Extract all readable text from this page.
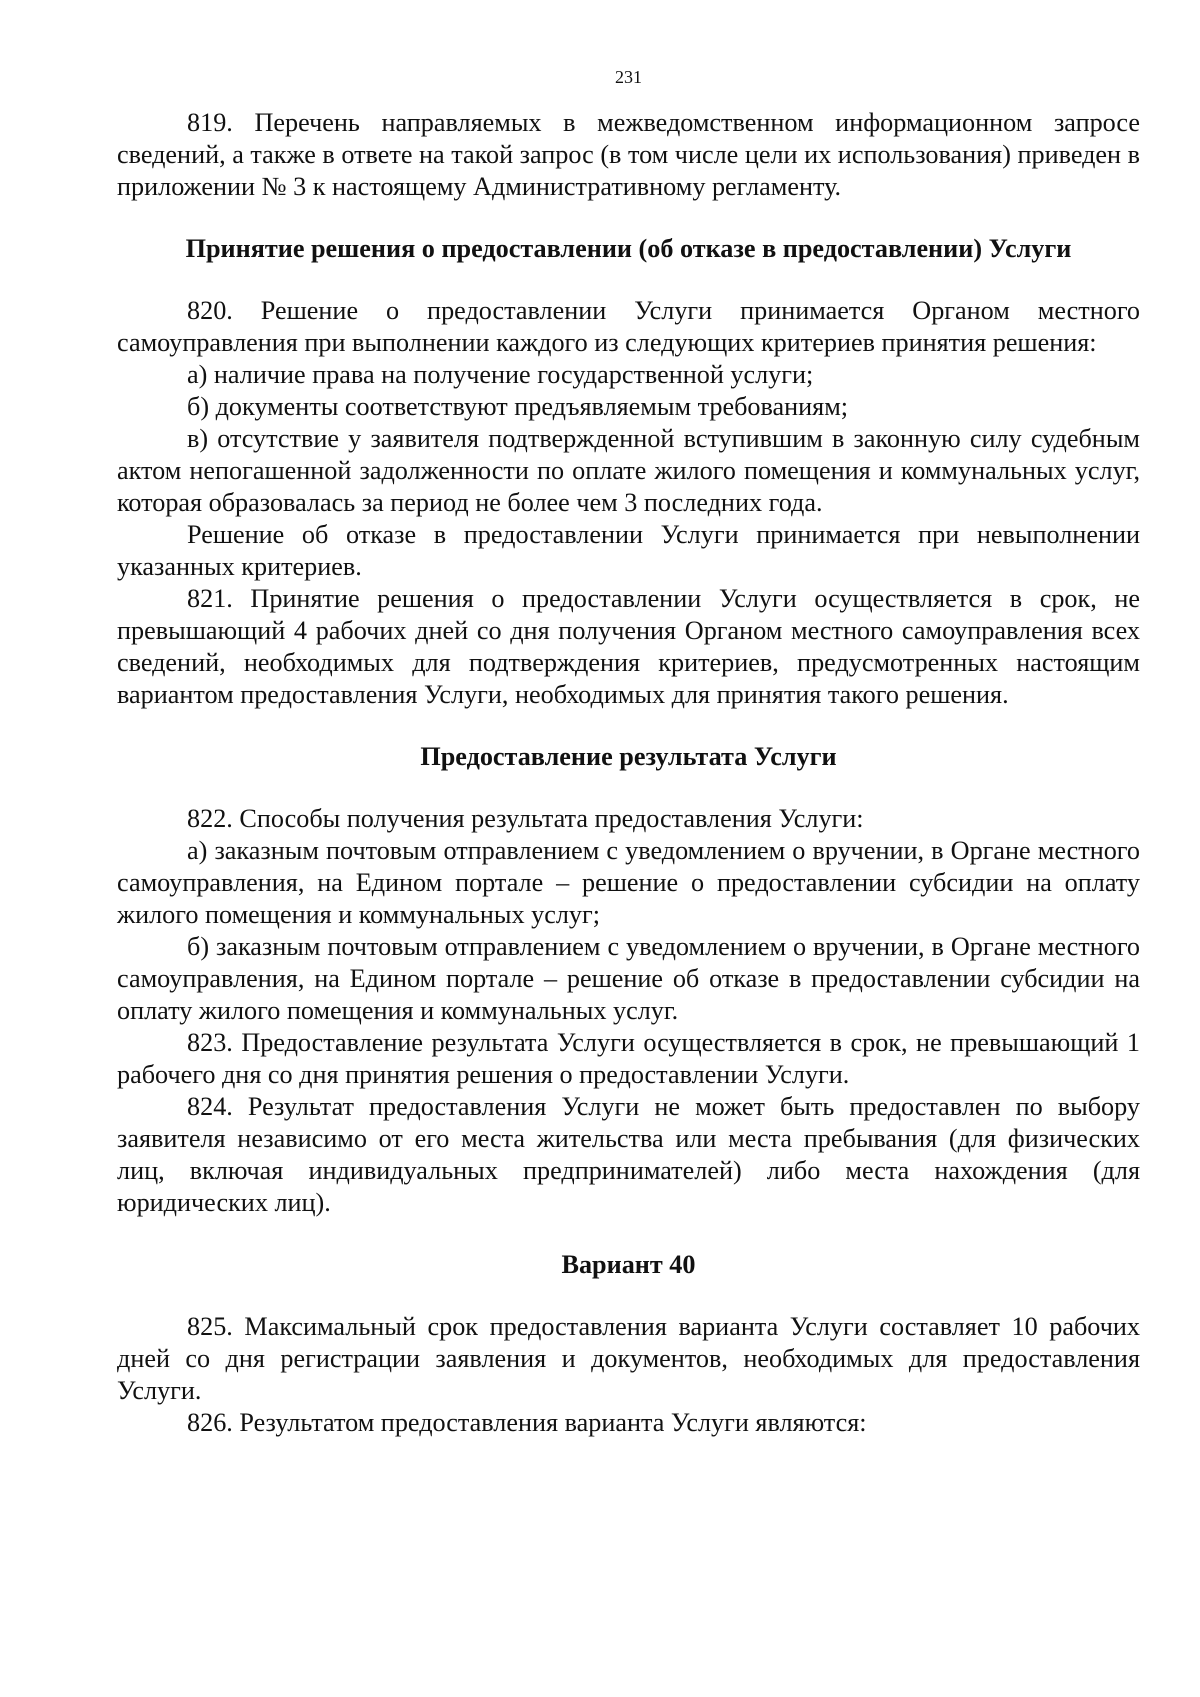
231

819. Перечень направляемых в межведомственном информационном запросе сведений, а также в ответе на такой запрос (в том числе цели их использования) приведен в приложении № 3 к настоящему Административному регламенту.

Принятие решения о предоставлении (об отказе в предоставлении) Услуги

820. Решение о предоставлении Услуги принимается Органом местного самоуправления при выполнении каждого из следующих критериев принятия решения:

а) наличие права на получение государственной услуги;

б) документы соответствуют предъявляемым требованиям;

в) отсутствие у заявителя подтвержденной вступившим в законную силу судебным актом непогашенной задолженности по оплате жилого помещения и коммунальных услуг, которая образовалась за период не более чем 3 последних года.

Решение об отказе в предоставлении Услуги принимается при невыполнении указанных критериев.

821. Принятие решения о предоставлении Услуги осуществляется в срок, не превышающий 4 рабочих дней со дня получения Органом местного самоуправления всех сведений, необходимых для подтверждения критериев, предусмотренных настоящим вариантом предоставления Услуги, необходимых для принятия такого решения.

Предоставление результата Услуги

822. Способы получения результата предоставления Услуги:

а) заказным почтовым отправлением с уведомлением о вручении, в Органе местного самоуправления, на Едином портале – решение о предоставлении субсидии на оплату жилого помещения и коммунальных услуг;

б) заказным почтовым отправлением с уведомлением о вручении, в Органе местного самоуправления, на Едином портале – решение об отказе в предоставлении субсидии на оплату жилого помещения и коммунальных услуг.

823. Предоставление результата Услуги осуществляется в срок, не превышающий 1 рабочего дня со дня принятия решения о предоставлении Услуги.

824. Результат предоставления Услуги не может быть предоставлен по выбору заявителя независимо от его места жительства или места пребывания (для физических лиц, включая индивидуальных предпринимателей) либо места нахождения (для юридических лиц).

Вариант 40

825. Максимальный срок предоставления варианта Услуги составляет 10 рабочих дней со дня регистрации заявления и документов, необходимых для предоставления Услуги.

826. Результатом предоставления варианта Услуги являются:
